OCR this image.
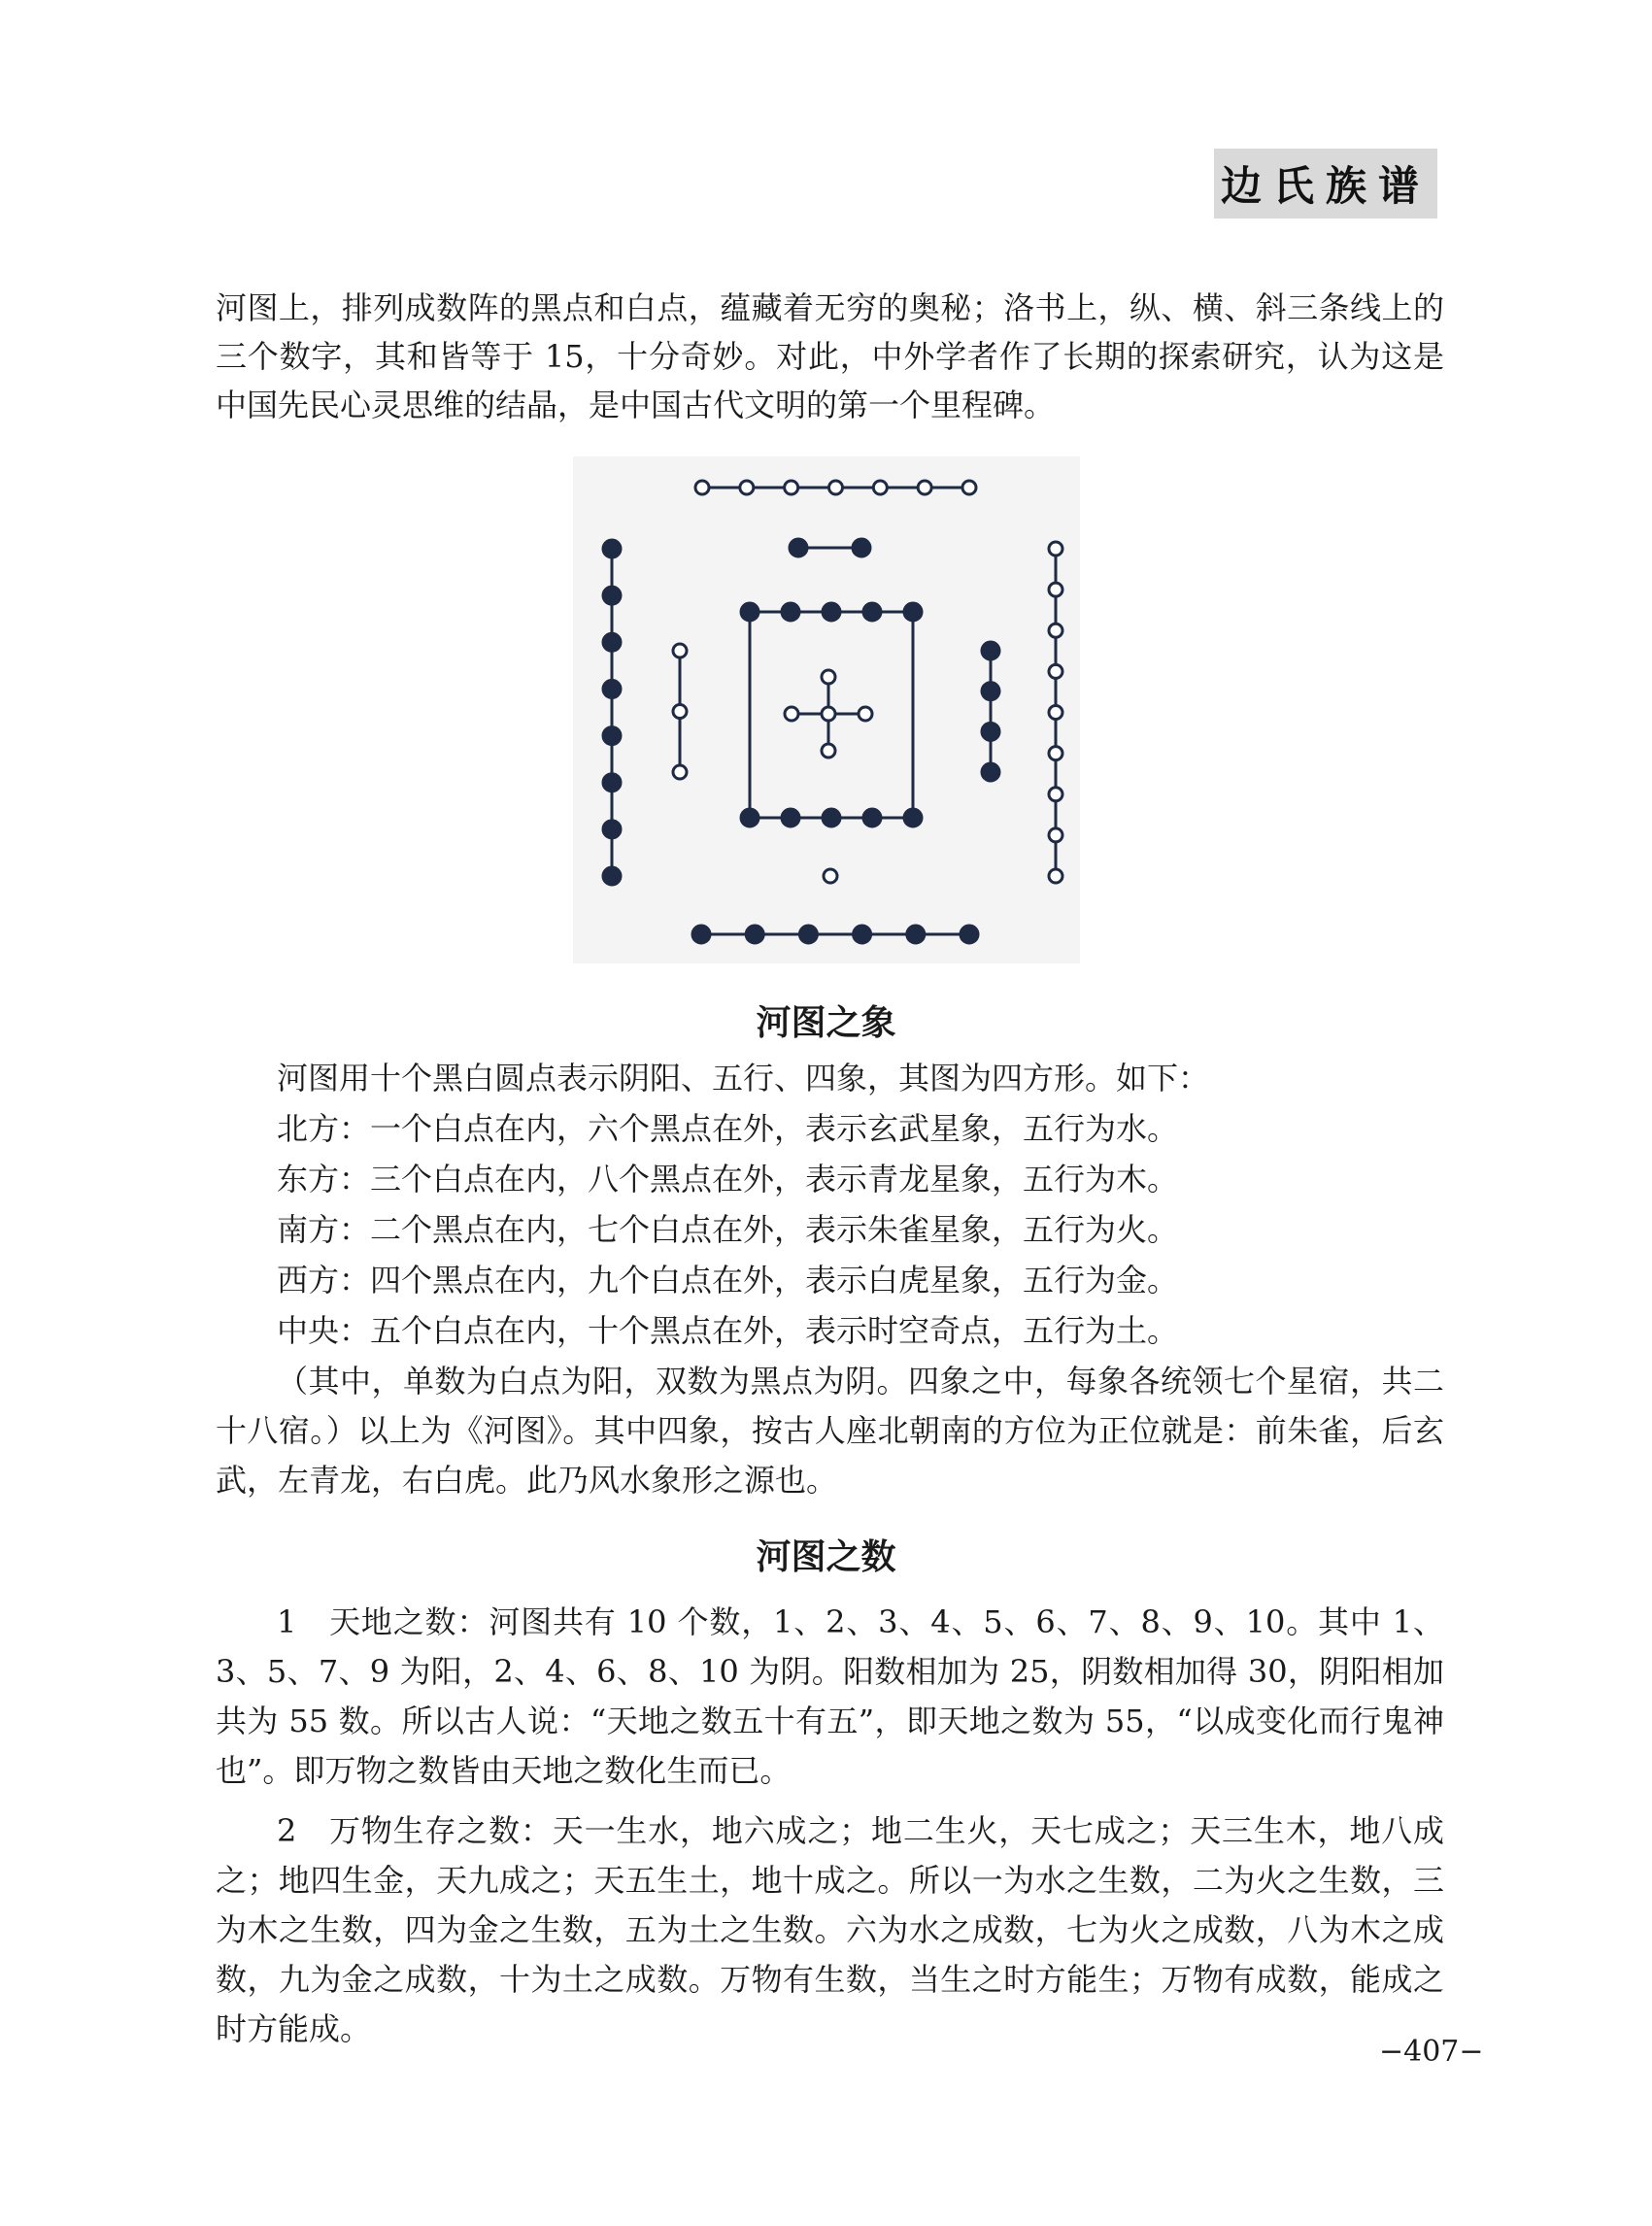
边氏族谱

河图上，排列成数阵的黑点和白点，蕴藏着无穷的奥秘；洛书上，纵、横、斜三条线上的三个数字，其和皆等于 15，十分奇妙。对此，中外学者作了长期的探索研究，认为这是中国先民心灵思维的结晶，是中国古代文明的第一个里程碑。

河图之象

河图用十个黑白圆点表示阴阳、五行、四象，其图为四方形。如下：

北方：一个白点在内，六个黑点在外，表示玄武星象，五行为水。

东方：三个白点在内，八个黑点在外，表示青龙星象，五行为木。

南方：二个黑点在内，七个白点在外，表示朱雀星象，五行为火。

西方：四个黑点在内，九个白点在外，表示白虎星象，五行为金。

中央：五个白点在内，十个黑点在外，表示时空奇点，五行为土。

（其中，单数为白点为阳，双数为黑点为阴。四象之中，每象各统领七个星宿，共二十八宿。）以上为《河图》。其中四象，按古人座北朝南的方位为正位就是：前朱雀，后玄武，左青龙，右白虎。此乃风水象形之源也。

河图之数

1　天地之数：河图共有 10 个数，1、2、3、4、5、6、7、8、9、10。其中 1、3、5、7、9 为阳，2、4、6、8、10 为阴。阳数相加为 25，阴数相加得 30，阴阳相加共为 55 数。所以古人说：“天地之数五十有五”，即天地之数为 55，“以成变化而行鬼神也”。即万物之数皆由天地之数化生而已。

2　万物生存之数：天一生水，地六成之；地二生火，天七成之；天三生木，地八成之；地四生金，天九成之；天五生土，地十成之。所以一为水之生数，二为火之生数，三为木之生数，四为金之生数，五为土之生数。六为水之成数，七为火之成数，八为木之成数，九为金之成数，十为土之成数。万物有生数，当生之时方能生；万物有成数，能成之时方能成。

−407−
